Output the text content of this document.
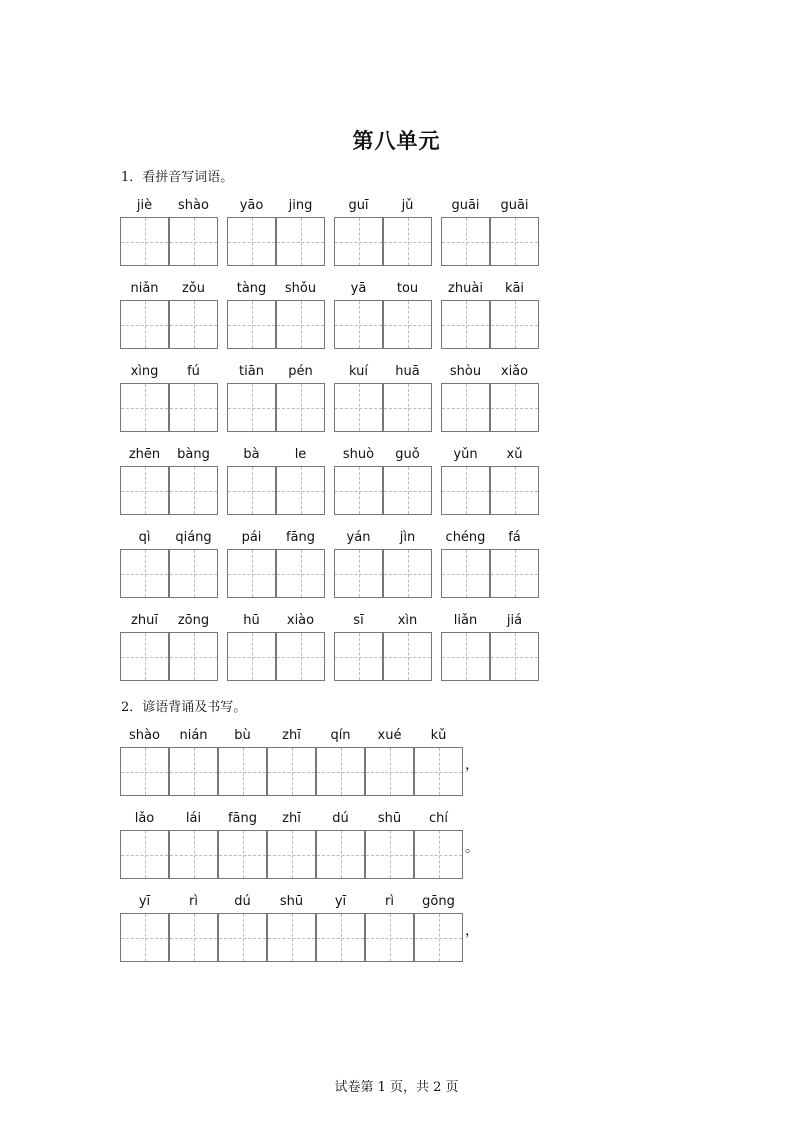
第八单元
1．看拼音写词语。
jiè	shào	yāo	jing	guī	jǔ	guāi	guāi
niǎn	zǒu	tàng	shǒu	yā	tou	zhuài	kāi
xìng	fú	tiān	pén	kuí	huā	shòu	xiǎo
zhēn	bàng	bà	le	shuò	guǒ	yǔn	xǔ
qì	qiáng	pái	fāng	yán	jìn	chéng	fá
zhuī	zōng	hū	xiào	sī	xìn	liǎn	jiá
2．谚语背诵及书写。
shào	nián	bù	zhī	qín	xué	kǔ
，
lǎo	lái	fāng	zhī	dú	shū	chí
。
yī	rì	dú	shū	yī	rì	gōng
，
试卷第 1 页，共 2 页
